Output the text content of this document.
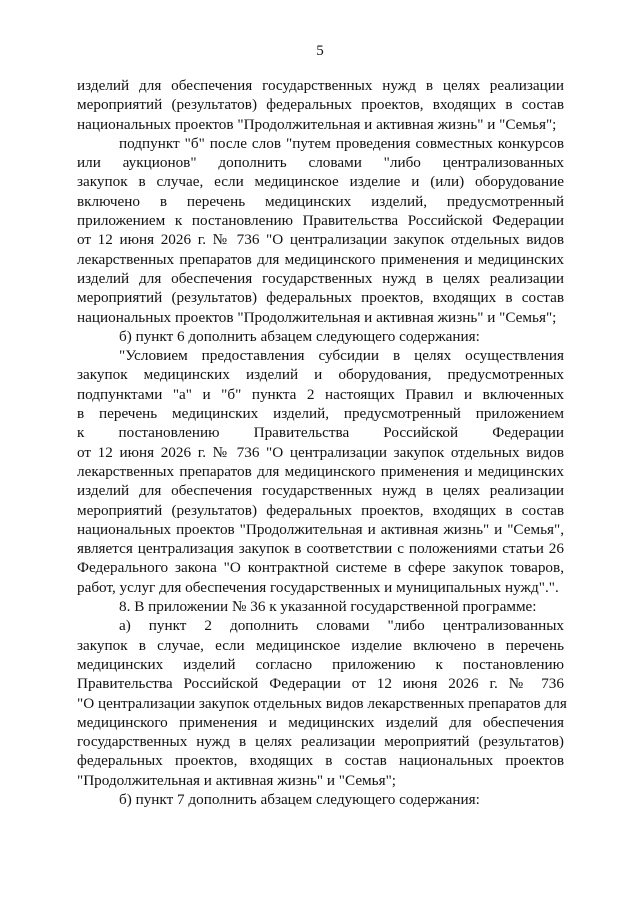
5
изделий для обеспечения государственных нужд в целях реализации
мероприятий (результатов) федеральных проектов, входящих в состав
национальных проектов "Продолжительная и активная жизнь" и "Семья";
подпункт "б" после слов "путем проведения совместных конкурсов
или аукционов" дополнить словами "либо централизованных
закупок в случае, если медицинское изделие и (или) оборудование
включено в перечень медицинских изделий, предусмотренный
приложением к постановлению Правительства Российской Федерации
от 12 июня 2026 г. № 736 "О централизации закупок отдельных видов
лекарственных препаратов для медицинского применения и медицинских
изделий для обеспечения государственных нужд в целях реализации
мероприятий (результатов) федеральных проектов, входящих в состав
национальных проектов "Продолжительная и активная жизнь" и "Семья";
б) пункт 6 дополнить абзацем следующего содержания:
"Условием предоставления субсидии в целях осуществления
закупок медицинских изделий и оборудования, предусмотренных
подпунктами "а" и "б" пункта 2 настоящих Правил и включенных
в перечень медицинских изделий, предусмотренный приложением
к постановлению Правительства Российской Федерации
от 12 июня 2026 г. № 736 "О централизации закупок отдельных видов
лекарственных препаратов для медицинского применения и медицинских
изделий для обеспечения государственных нужд в целях реализации
мероприятий (результатов) федеральных проектов, входящих в состав
национальных проектов "Продолжительная и активная жизнь" и "Семья",
является централизация закупок в соответствии с положениями статьи 26
Федерального закона "О контрактной системе в сфере закупок товаров,
работ, услуг для обеспечения государственных и муниципальных нужд".".
8. В приложении № 36 к указанной государственной программе:
а) пункт 2 дополнить словами "либо централизованных
закупок в случае, если медицинское изделие включено в перечень
медицинских изделий согласно приложению к постановлению
Правительства Российской Федерации от 12 июня 2026 г. № 736
"О централизации закупок отдельных видов лекарственных препаратов для
медицинского применения и медицинских изделий для обеспечения
государственных нужд в целях реализации мероприятий (результатов)
федеральных проектов, входящих в состав национальных проектов
"Продолжительная и активная жизнь" и "Семья";
б) пункт 7 дополнить абзацем следующего содержания:
